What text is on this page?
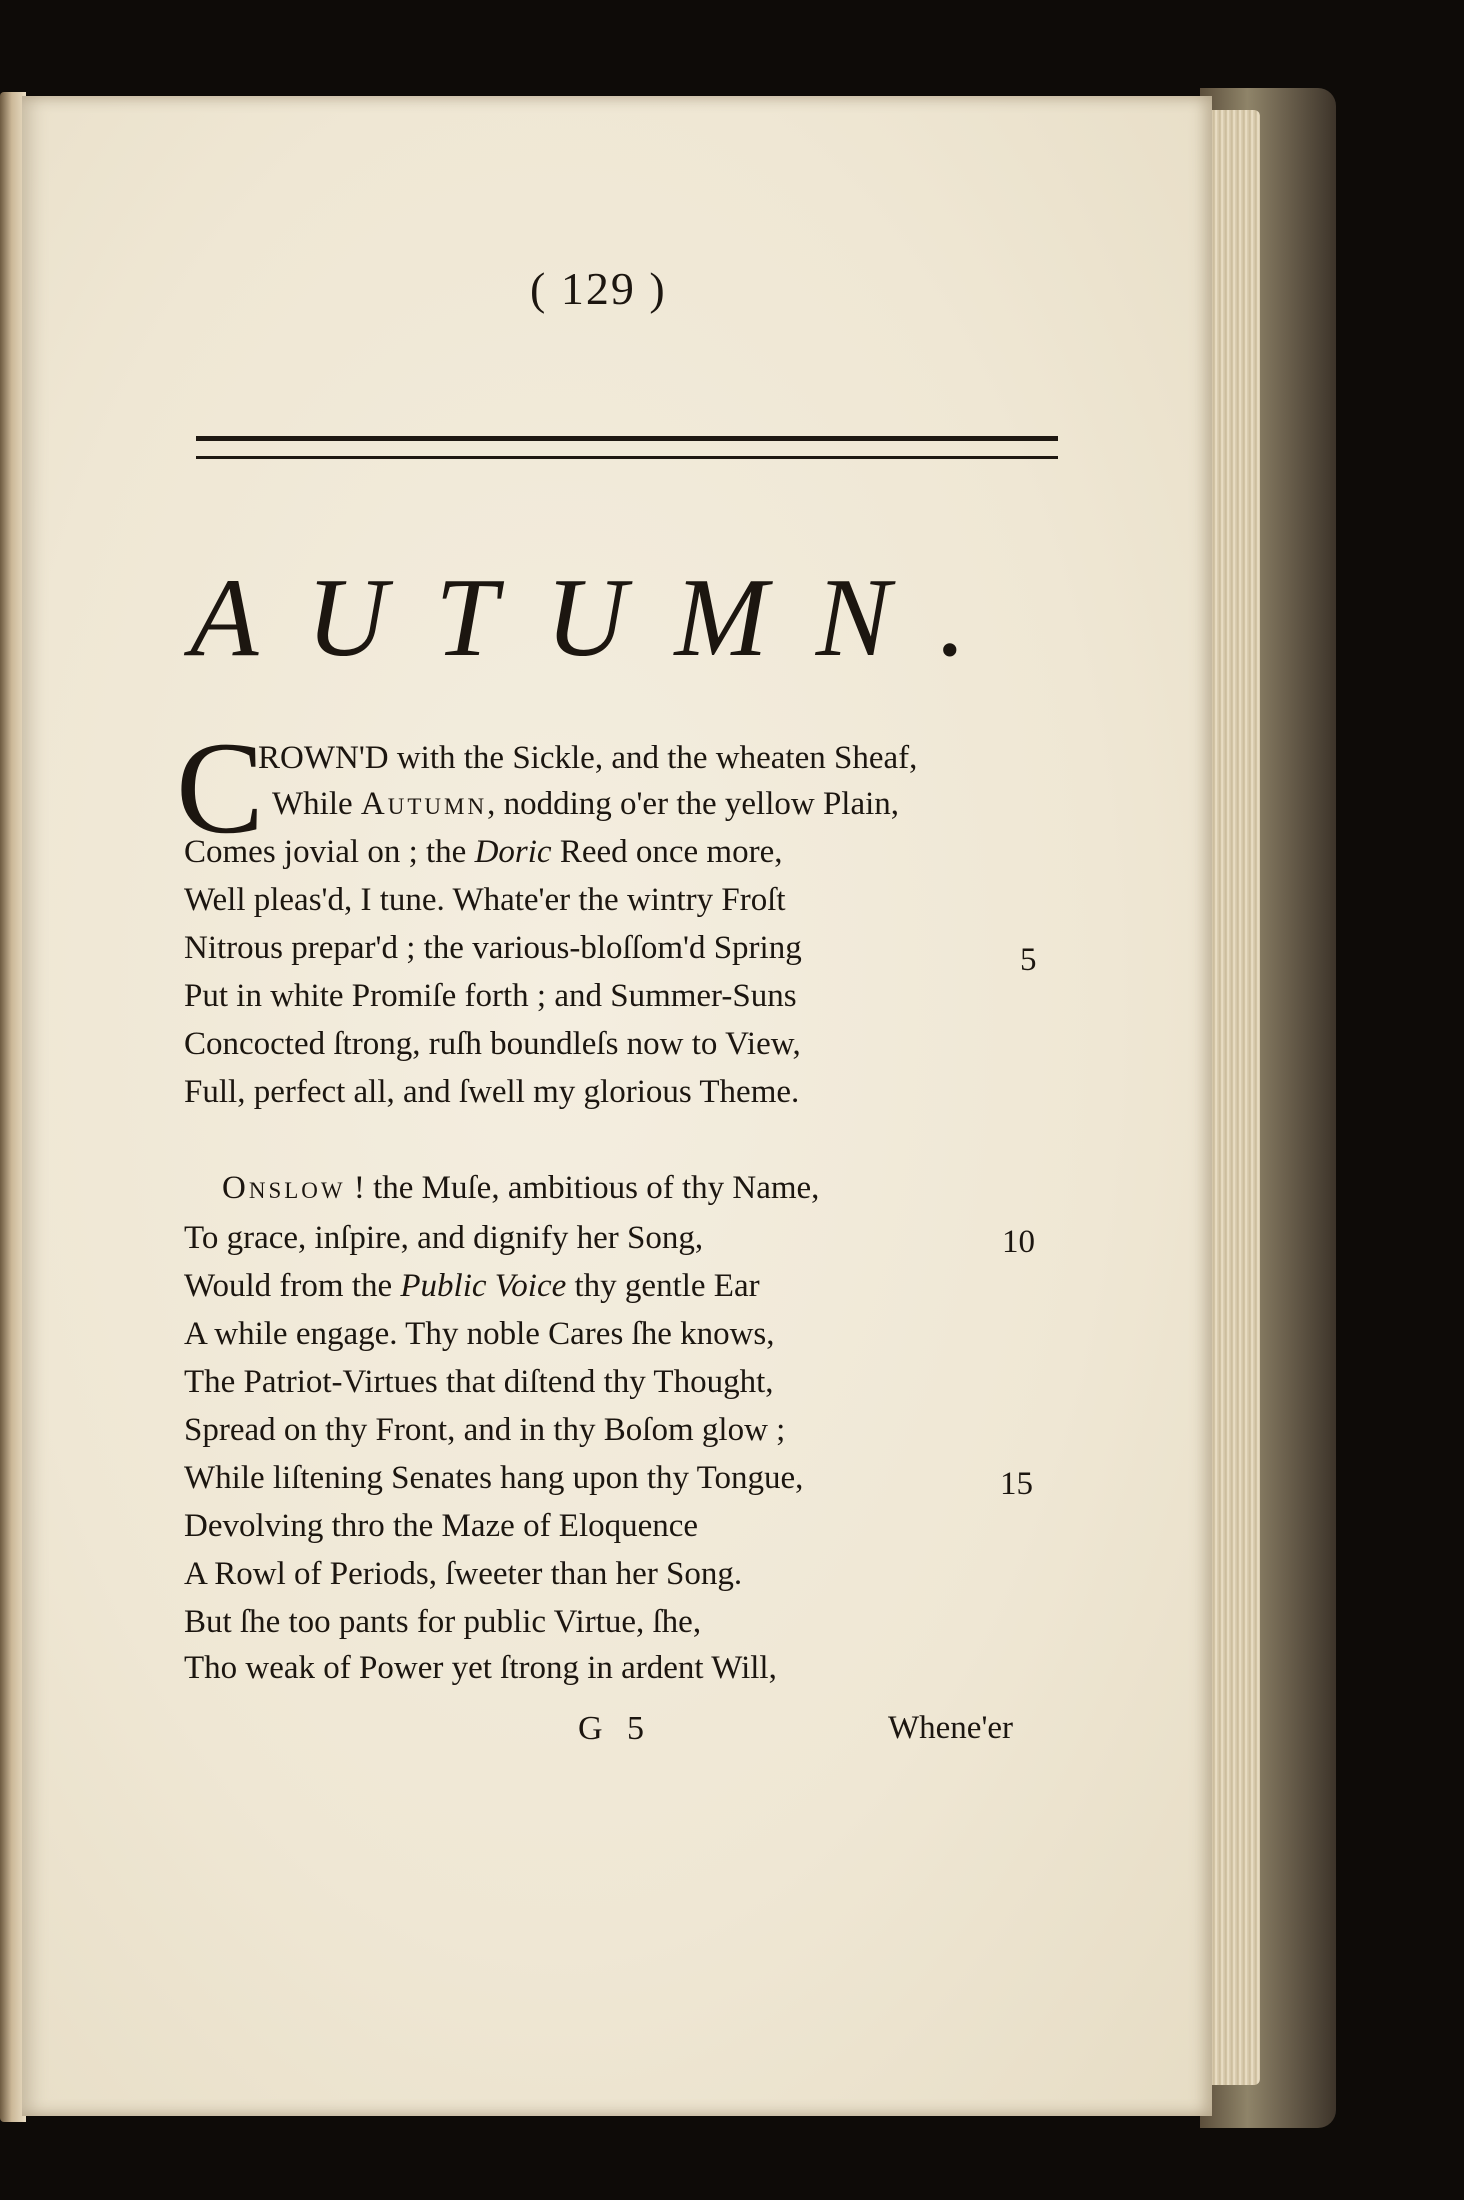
( 129 )
AUTUMN.
C
ROWN'D with the Sickle, and the wheaten Sheaf,
While Autumn, nodding o'er the yellow Plain,
Comes jovial on ; the Doric Reed once more,
Well pleas'd, I tune. Whate'er the wintry Froſt
Nitrous prepar'd ; the various-bloſſom'd Spring	5
Put in white Promiſe forth ; and Summer-Suns
Concocted ſtrong, ruſh boundleſs now to View,
Full, perfect all, and ſwell my glorious Theme.
Onslow ! the Muſe, ambitious of thy Name,
To grace, inſpire, and dignify her Song,	10
Would from the Public Voice thy gentle Ear
A while engage. Thy noble Cares ſhe knows,
The Patriot-Virtues that diſtend thy Thought,
Spread on thy Front, and in thy Boſom glow ;
While liſtening Senates hang upon thy Tongue,	15
Devolving thro the Maze of Eloquence
A Rowl of Periods, ſweeter than her Song.
But ſhe too pants for public Virtue, ſhe,
Tho weak of Power yet ſtrong in ardent Will,
G 5	Whene'er
